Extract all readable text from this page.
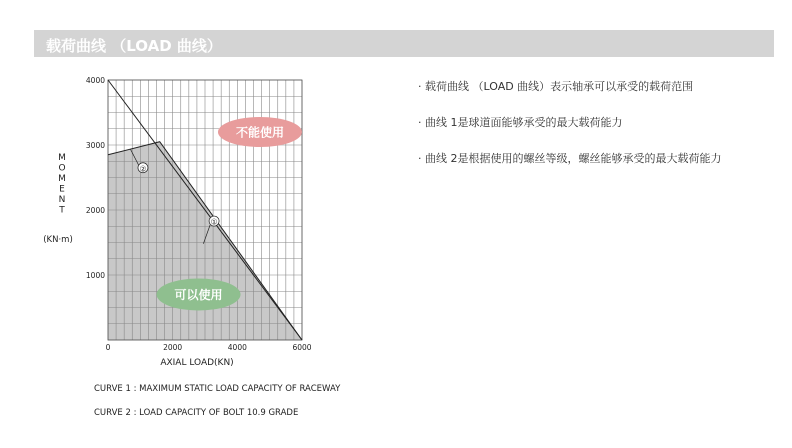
载荷曲线 （LOAD 曲线）
①
②
不能使用
可以使用
1000
2000
3000
4000
0	2000	4000	6000
AXIAL LOAD(KN)
M O M E N T
(KN·m)
· 载荷曲线 （LOAD 曲线）表示轴承可以承受的载荷范围
· 曲线 1是球道面能够承受的最大载荷能力
· 曲线 2是根据使用的螺丝等级，螺丝能够承受的最大载荷能力
CURVE 1 : MAXIMUM STATIC LOAD CAPACITY OF RACEWAY
CURVE 2 : LOAD CAPACITY OF BOLT 10.9 GRADE
